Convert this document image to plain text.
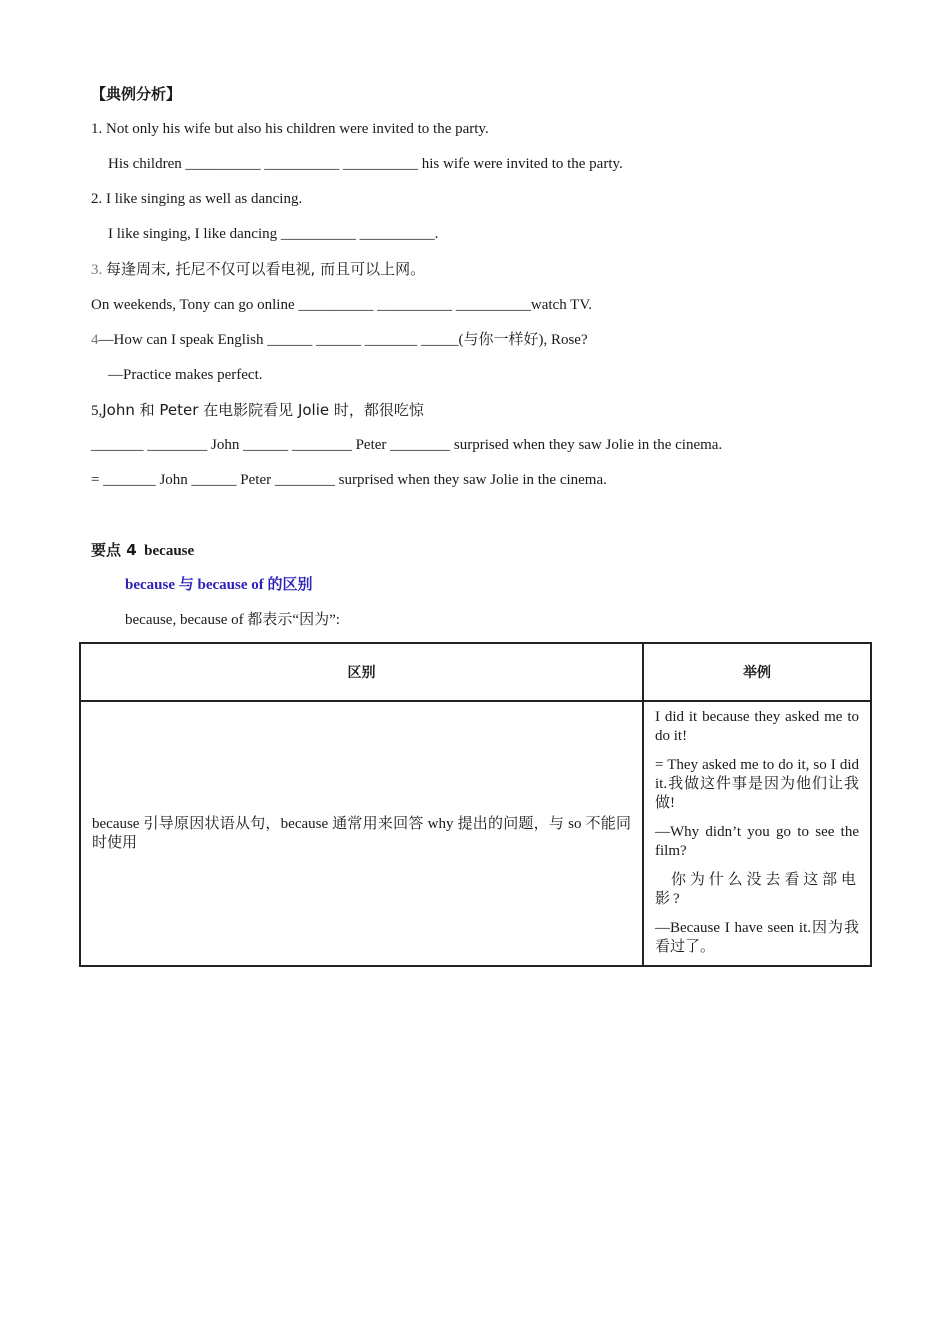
【典例分析】
1. Not only his wife but also his children were invited to the party.
His children __________ __________ __________ his wife were invited to the party.
2. I like singing as well as dancing.
I like singing, I like dancing __________ __________.
3. 每逢周末, 托尼不仅可以看电视, 而且可以上网。
On weekends, Tony can go online __________ __________ __________watch TV.
4—How can I speak English ______ ______ _______ _____(与你一样好), Rose?
—Practice makes perfect.
5,John 和 Peter 在电影院看见 Jolie 时，都很吃惊
_______ ________ John ______ ________ Peter ________ surprised when they saw Jolie in the cinema.
= _______ John ______ Peter ________ surprised when they saw Jolie in the cinema.
要点 4 because
because 与 because of 的区别
because, because of 都表示“因为”:
区别	举例
because 引导原因状语从句，because 通常用来回答 why 提出的问题，与 so 不能同时使用	I did it because they asked me to do it!

= They asked me to do it, so I did it.我做这件事是因为他们让我做!

—Why didn’t you go to see the film?

你为什么没去看这部电影?

—Because I have seen it.因为我看过了。
